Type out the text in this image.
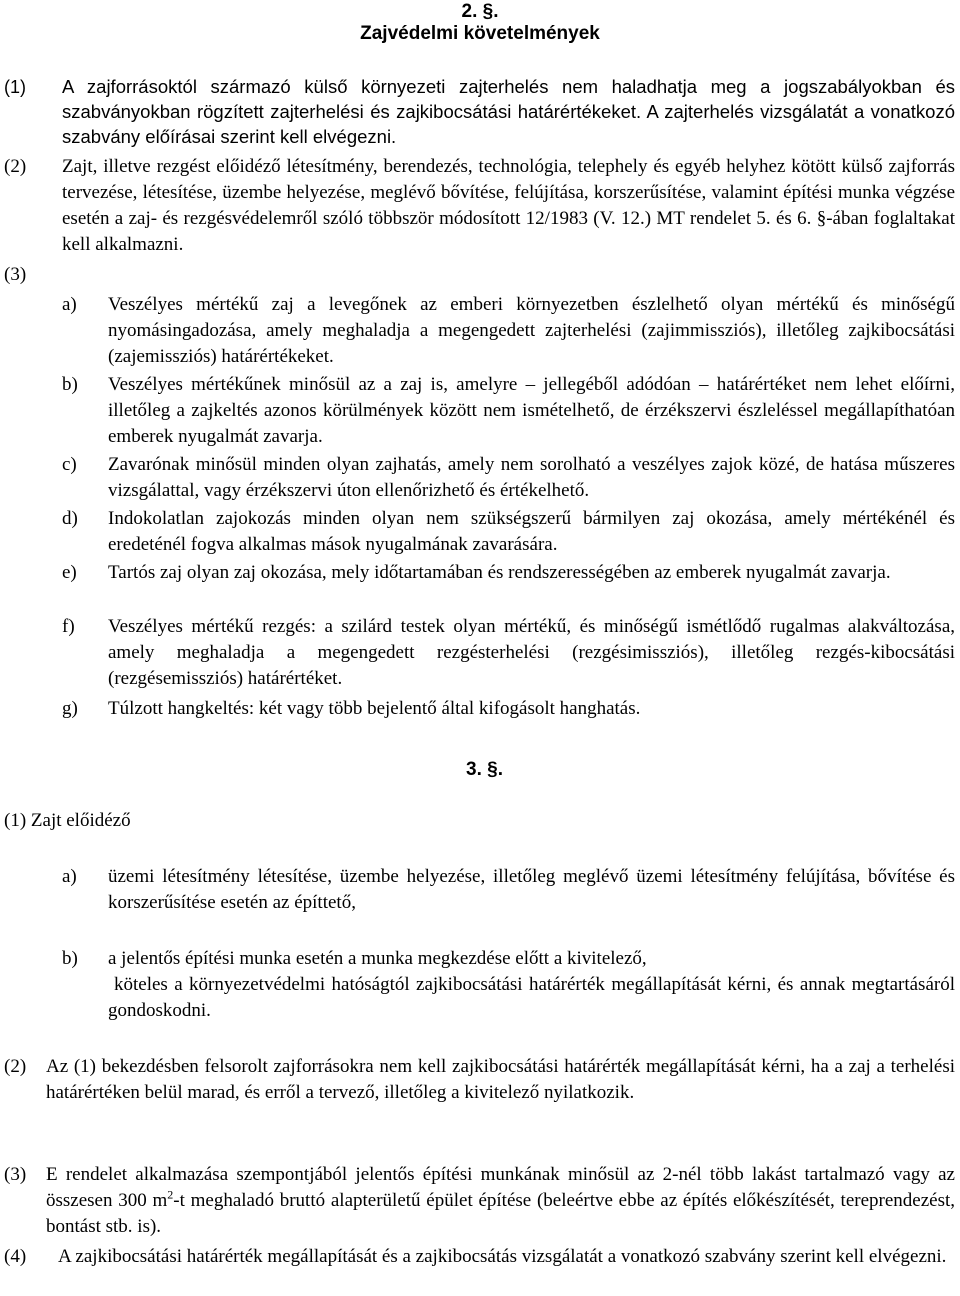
2. §.
Zajvédelmi követelmények
(1) A zajforrásoktól származó külső környezeti zajterhelés nem haladhatja meg a jogszabályokban és szabványokban rögzített zajterhelési és zajkibocsátási határértékeket. A zajterhelés vizsgálatát a vonatkozó szabvány előírásai szerint kell elvégezni.
(2) Zajt, illetve rezgést előidéző létesítmény, berendezés, technológia, telephely és egyéb helyhez kötött külső zajforrás tervezése, létesítése, üzembe helyezése, meglévő bővítése, felújítása, korszerűsítése, valamint építési munka végzése esetén a zaj- és rezgésvédelemről szóló többször módosított 12/1983 (V. 12.) MT rendelet 5. és 6. §-ában foglaltakat kell alkalmazni.
(3)
a) Veszélyes mértékű zaj a levegőnek az emberi környezetben észlelhető olyan mértékű és minőségű nyomásingadozása, amely meghaladja a megengedett zajterhelési (zajimmissziós), illetőleg zajkibocsátási (zajemissziós) határértékeket.
b) Veszélyes mértékűnek minősül az a zaj is, amelyre – jellegéből adódóan – határértéket nem lehet előírni, illetőleg a zajkeltés azonos körülmények között nem ismételhető, de érzékszervi észleléssel megállapíthatóan emberek nyugalmát zavarja.
c) Zavarónak minősül minden olyan zajhatás, amely nem sorolható a veszélyes zajok közé, de hatása műszeres vizsgálattal, vagy érzékszervi úton ellenőrizhető és értékelhető.
d) Indokolatlan zajokozás minden olyan nem szükségszerű bármilyen zaj okozása, amely mértékénél és eredeténél fogva alkalmas mások nyugalmának zavarására.
e) Tartós zaj olyan zaj okozása, mely időtartamában és rendszerességében az emberek nyugalmát zavarja.
f) Veszélyes mértékű rezgés: a szilárd testek olyan mértékű, és minőségű ismétlődő rugalmas alakváltozása, amely meghaladja a megengedett rezgésterhelési (rezgésimissziós), illetőleg rezgés-kibocsátási (rezgésemissziós) határértéket.
g) Túlzott hangkeltés: két vagy több bejelentő által kifogásolt hanghatás.
3. §.
(1) Zajt előidéző
a) üzemi létesítmény létesítése, üzembe helyezése, illetőleg meglévő üzemi létesítmény felújítása, bővítése és korszerűsítése esetén az építtető,
b) a jelentős építési munka esetén a munka megkezdése előtt a kivitelező,
köteles a környezetvédelmi hatóságtól zajkibocsátási határérték megállapítását kérni, és annak megtartásáról gondoskodni.
(2) Az (1) bekezdésben felsorolt zajforrásokra nem kell zajkibocsátási határérték megállapítását kérni, ha a zaj a terhelési határértéken belül marad, és erről a tervező, illetőleg a kivitelező nyilatkozik.
(3) E rendelet alkalmazása szempontjából jelentős építési munkának minősül az 2-nél több lakást tartalmazó vagy az összesen 300 $m^2-t$ meghaladó bruttó alapterületű épület építése (beleértve ebbe az építés előkészítését, tereprendezést, bontást stb. is).
(4) A zajkibocsátási határérték megállapítását és a zajkibocsátás vizsgálatát a vonatkozó szabvány szerint kell elvégezni.
